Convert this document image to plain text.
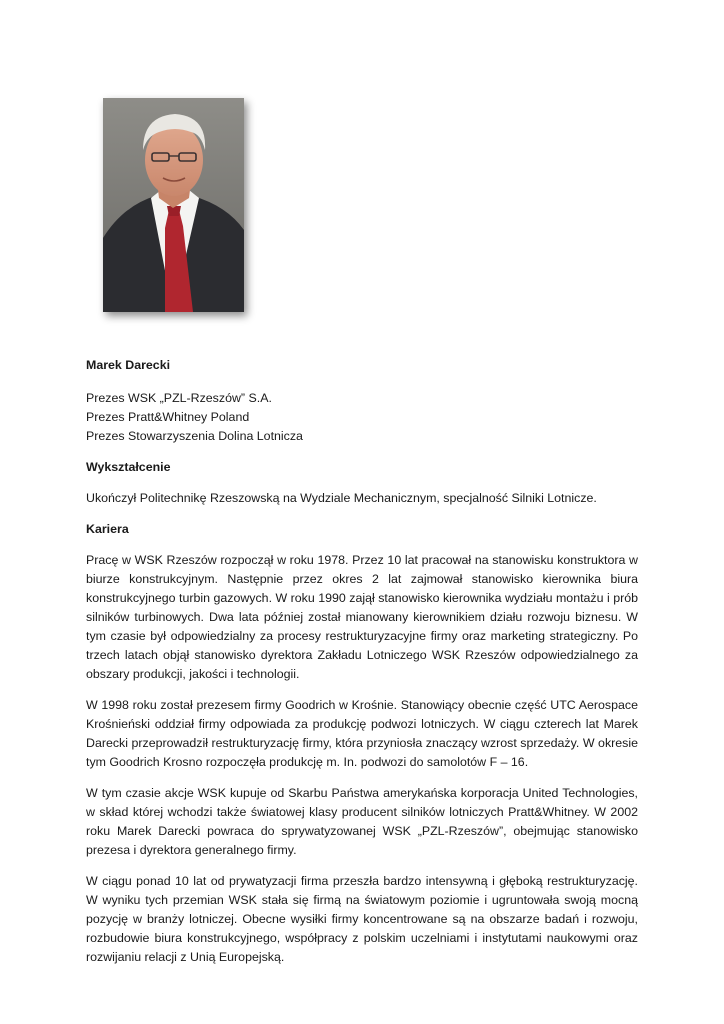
Marek Darecki
Prezes WSK „PZL-Rzeszów” S.A.
Prezes Pratt&Whitney Poland
Prezes Stowarzyszenia Dolina Lotnicza
Wykształcenie
Ukończył Politechnikę Rzeszowską na Wydziale Mechanicznym, specjalność Silniki Lotnicze.
Kariera
Pracę w WSK Rzeszów rozpoczął w roku 1978. Przez 10 lat pracował na stanowisku konstruktora w biurze konstrukcyjnym. Następnie przez okres 2 lat zajmował stanowisko kierownika biura konstrukcyjnego turbin gazowych. W roku 1990 zajął stanowisko kierownika wydziału montażu i prób silników turbinowych. Dwa lata później został mianowany kierownikiem działu rozwoju biznesu. W tym czasie był odpowiedzialny za procesy restrukturyzacyjne firmy oraz marketing strategiczny. Po trzech latach objął stanowisko dyrektora Zakładu Lotniczego WSK Rzeszów odpowiedzialnego za obszary produkcji, jakości i technologii.
W 1998 roku został prezesem firmy Goodrich w Krośnie. Stanowiący obecnie część UTC Aerospace Krośnieński oddział firmy odpowiada za produkcję podwozi lotniczych. W ciągu czterech lat Marek Darecki przeprowadził restrukturyzację firmy, która przyniosła znaczący wzrost sprzedaży. W okresie tym Goodrich Krosno rozpoczęła produkcję m. In. podwozi do samolotów F – 16.
W tym czasie akcje WSK kupuje od Skarbu Państwa amerykańska korporacja United Technologies, w skład której wchodzi także światowej klasy producent silników lotniczych Pratt&Whitney. W 2002 roku Marek Darecki powraca do sprywatyzowanej WSK „PZL-Rzeszów”, obejmując stanowisko prezesa i dyrektora generalnego firmy.
W ciągu ponad 10 lat od prywatyzacji firma przeszła bardzo intensywną i głęboką restrukturyzację. W wyniku tych przemian WSK stała się firmą na światowym poziomie i ugruntowała swoją mocną pozycję w branży lotniczej. Obecne wysiłki firmy koncentrowane są na obszarze badań i rozwoju, rozbudowie biura konstrukcyjnego, współpracy z polskim uczelniami i instytutami naukowymi oraz rozwijaniu relacji z Unią Europejską.
